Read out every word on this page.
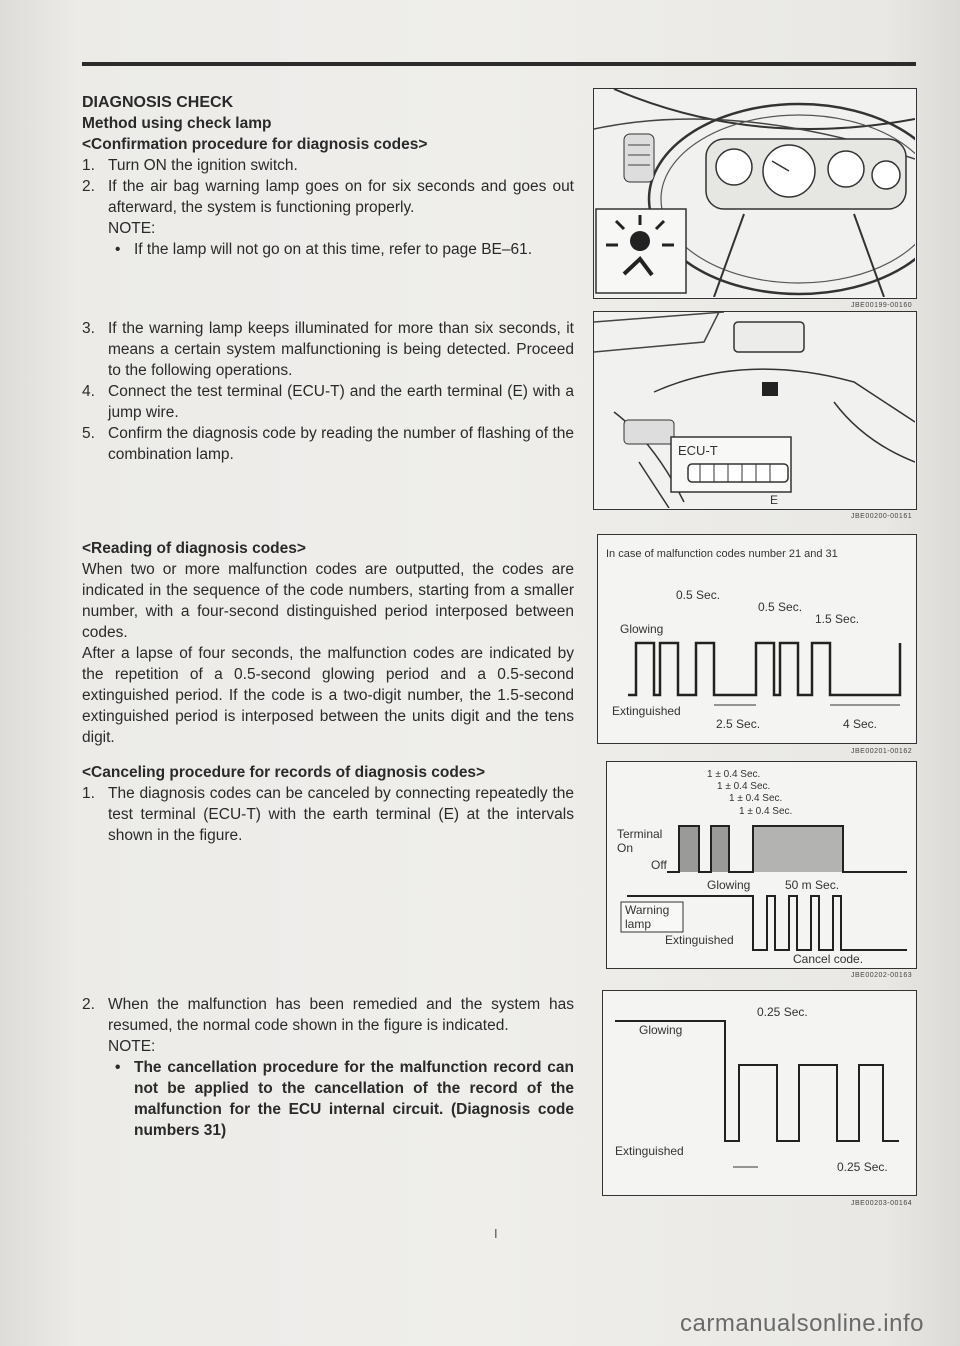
DIAGNOSIS CHECK

Method using check lamp

<Confirmation procedure for diagnosis codes>

1. Turn ON the ignition switch.
2. If the air bag warning lamp goes on for six seconds and goes out afterward, the system is functioning properly.

NOTE:

• If the lamp will not go on at this time, refer to page BE–61.
3. If the warning lamp keeps illuminated for more than six seconds, it means a certain system malfunctioning is being detected. Proceed to the following operations.
4. Connect the test terminal (ECU-T) and the earth terminal (E) with a jump wire.
5. Confirm the diagnosis code by reading the number of flashing of the combination lamp.

<Reading of diagnosis codes>

When two or more malfunction codes are outputted, the codes are indicated in the sequence of the code numbers, starting from a smaller number, with a four-second distinguished period interposed between codes.

After a lapse of four seconds, the malfunction codes are indicated by the repetition of a 0.5-second glowing period and a 0.5-second extinguished period. If the code is a two-digit number, the 1.5-second extinguished period is interposed between the units digit and the tens digit.

<Canceling procedure for records of diagnosis codes>

1. The diagnosis codes can be canceled by connecting repeatedly the test terminal (ECU-T) with the earth terminal (E) at the intervals shown in the figure.
2. When the malfunction has been remedied and the system has resumed, the normal code shown in the figure is indicated.

NOTE:

• The cancellation procedure for the malfunction record can not be applied to the cancellation of the record of the malfunction for the ECU internal circuit. (Diagnosis code numbers 31)
JBE00199-00160
ECU-T
E
JBE00200-00161
In case of malfunction codes number 21 and 31
0.5 Sec.
0.5 Sec.
1.5 Sec.
Glowing
Extinguished
2.5 Sec.	4 Sec.
JBE00201-00162
1 ± 0.4 Sec.
1 ± 0.4 Sec.
1 ± 0.4 Sec.
1 ± 0.4 Sec.
Terminal
On
Off
Glowing	50 m Sec.
Warning
lamp
Extinguished
Cancel code.
JBE00202-00163
0.25 Sec.
Glowing
Extinguished
0.25 Sec.
JBE00203-00164
I
carmanualsonline.info
